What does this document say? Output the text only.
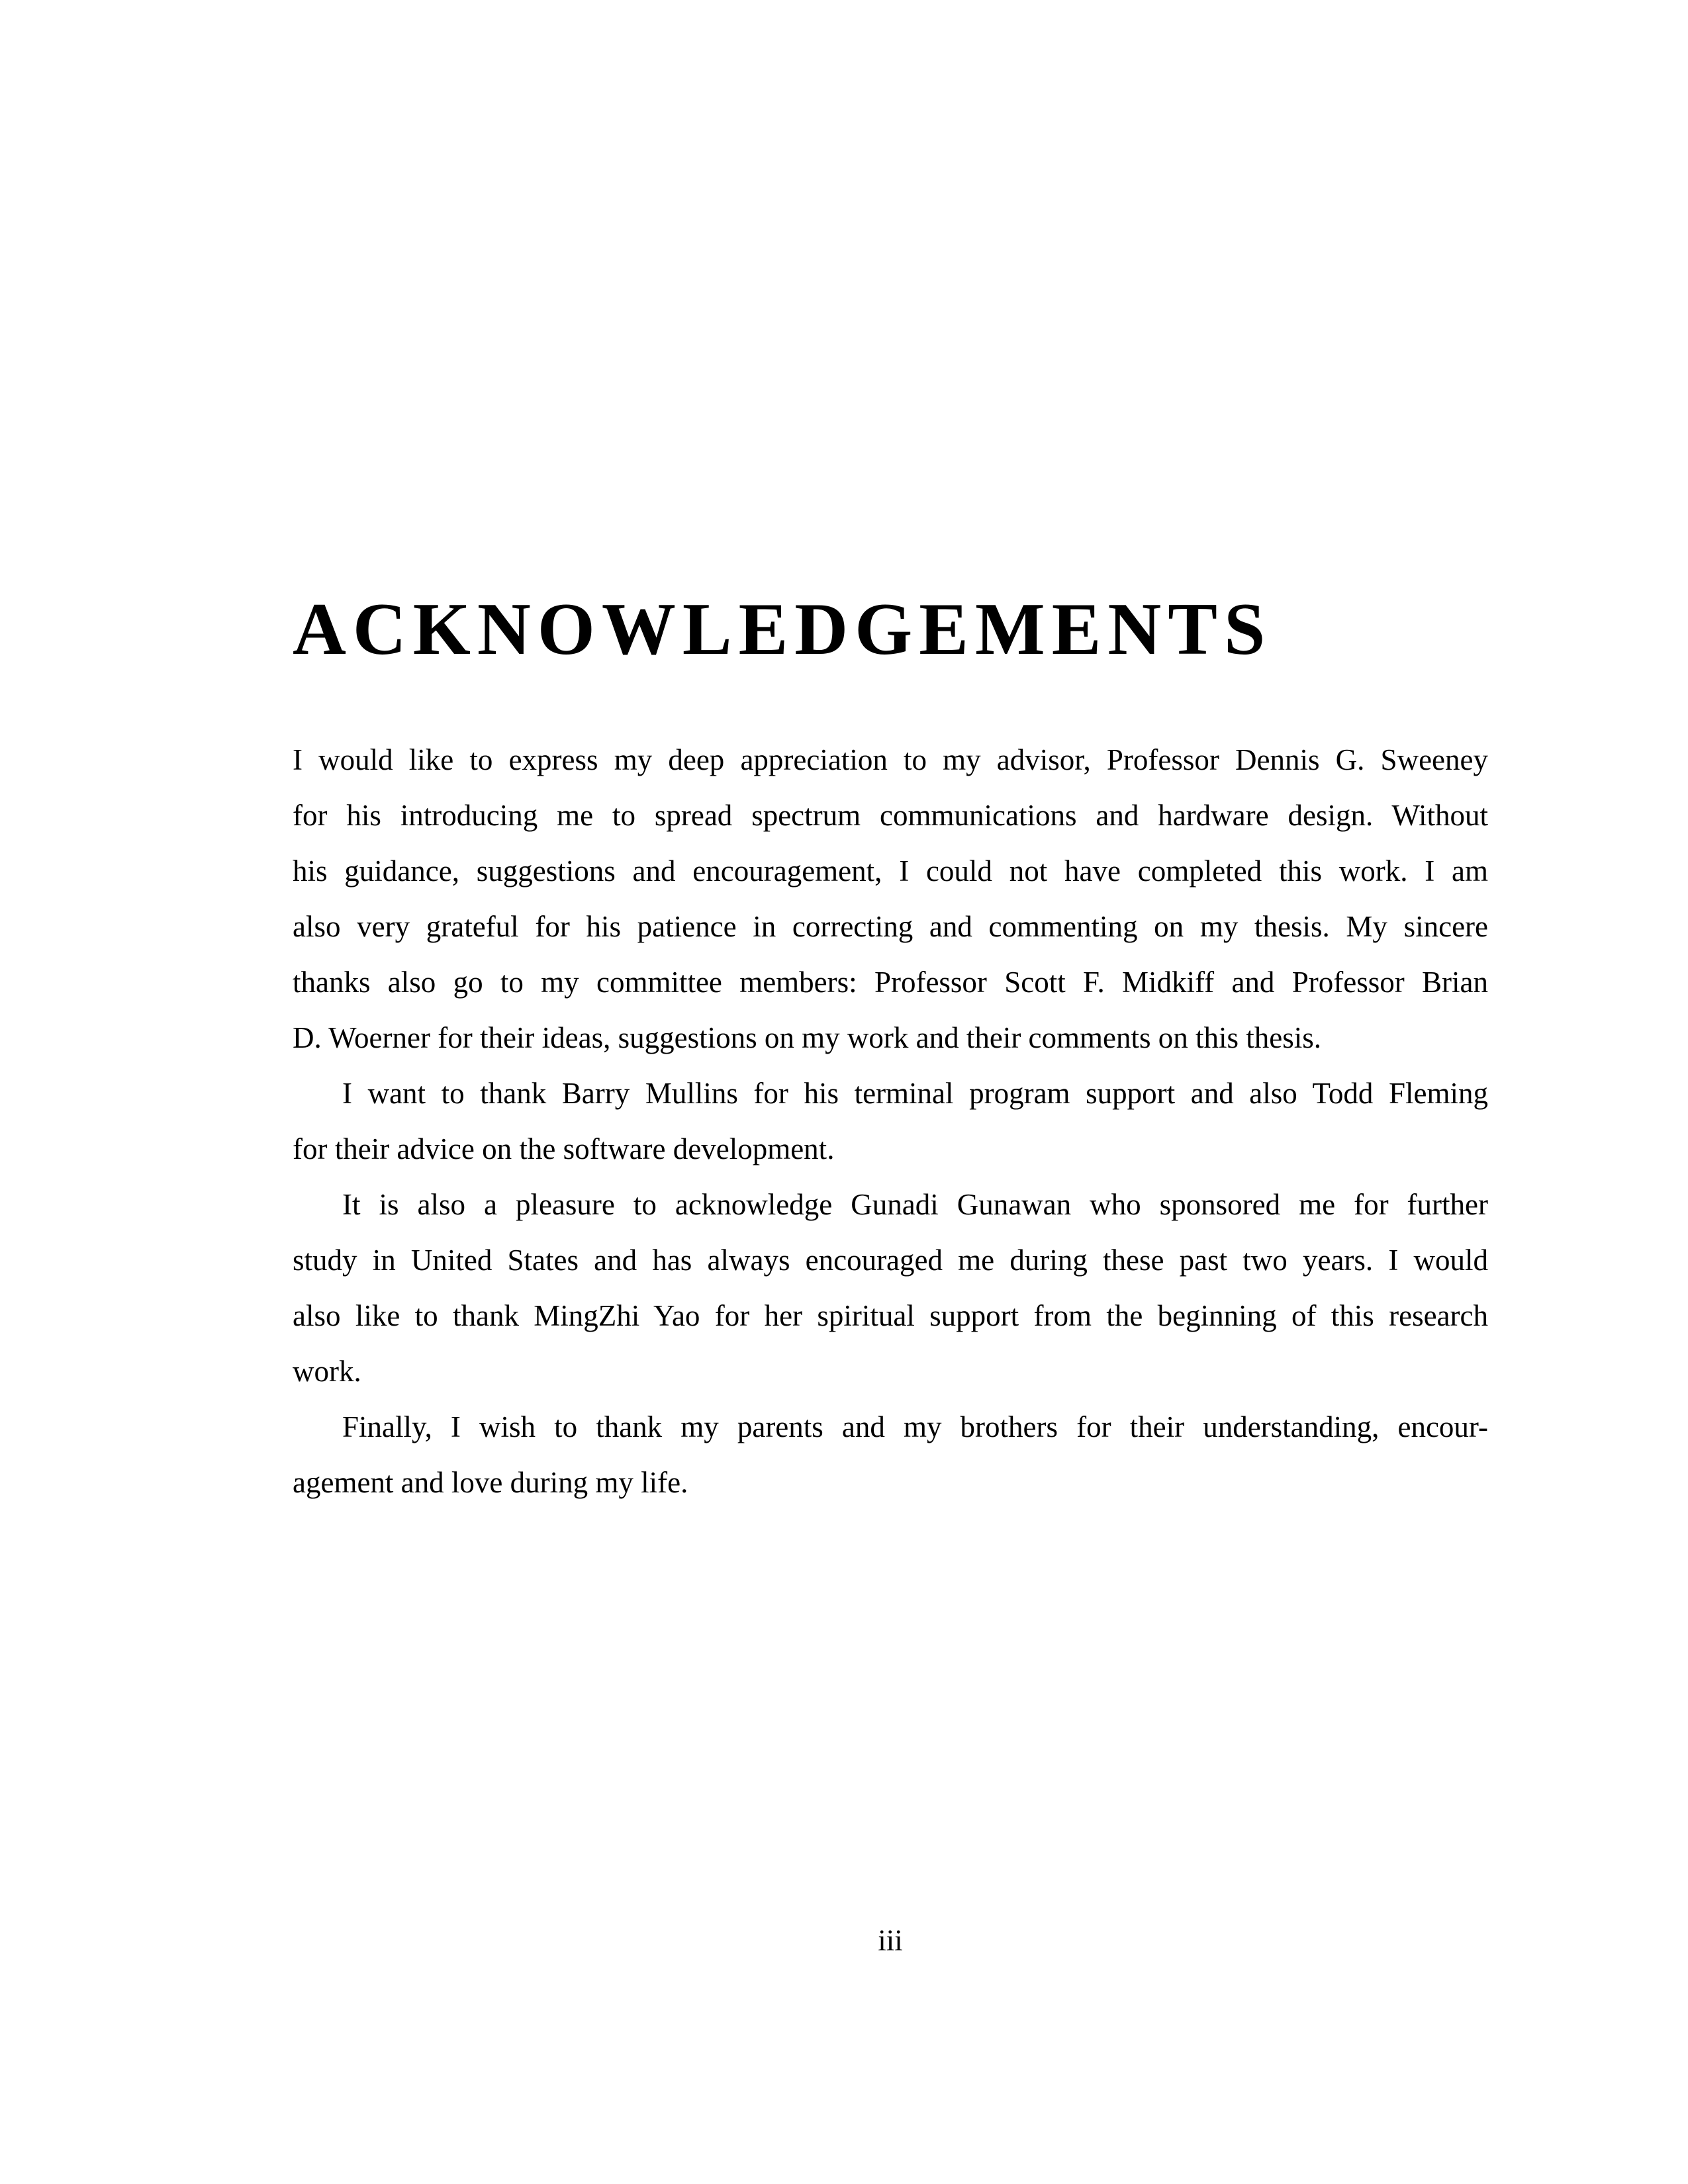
ACKNOWLEDGEMENTS
I would like to express my deep appreciation to my advisor, Professor Dennis G. Sweeney
for his introducing me to spread spectrum communications and hardware design. Without
his guidance, suggestions and encouragement, I could not have completed this work. I am
also very grateful for his patience in correcting and commenting on my thesis. My sincere
thanks also go to my committee members: Professor Scott F. Midkiff and Professor Brian
D. Woerner for their ideas, suggestions on my work and their comments on this thesis.
I want to thank Barry Mullins for his terminal program support and also Todd Fleming
for their advice on the software development.
It is also a pleasure to acknowledge Gunadi Gunawan who sponsored me for further
study in United States and has always encouraged me during these past two years. I would
also like to thank MingZhi Yao for her spiritual support from the beginning of this research
work.
Finally, I wish to thank my parents and my brothers for their understanding, encour-
agement and love during my life.
iii
